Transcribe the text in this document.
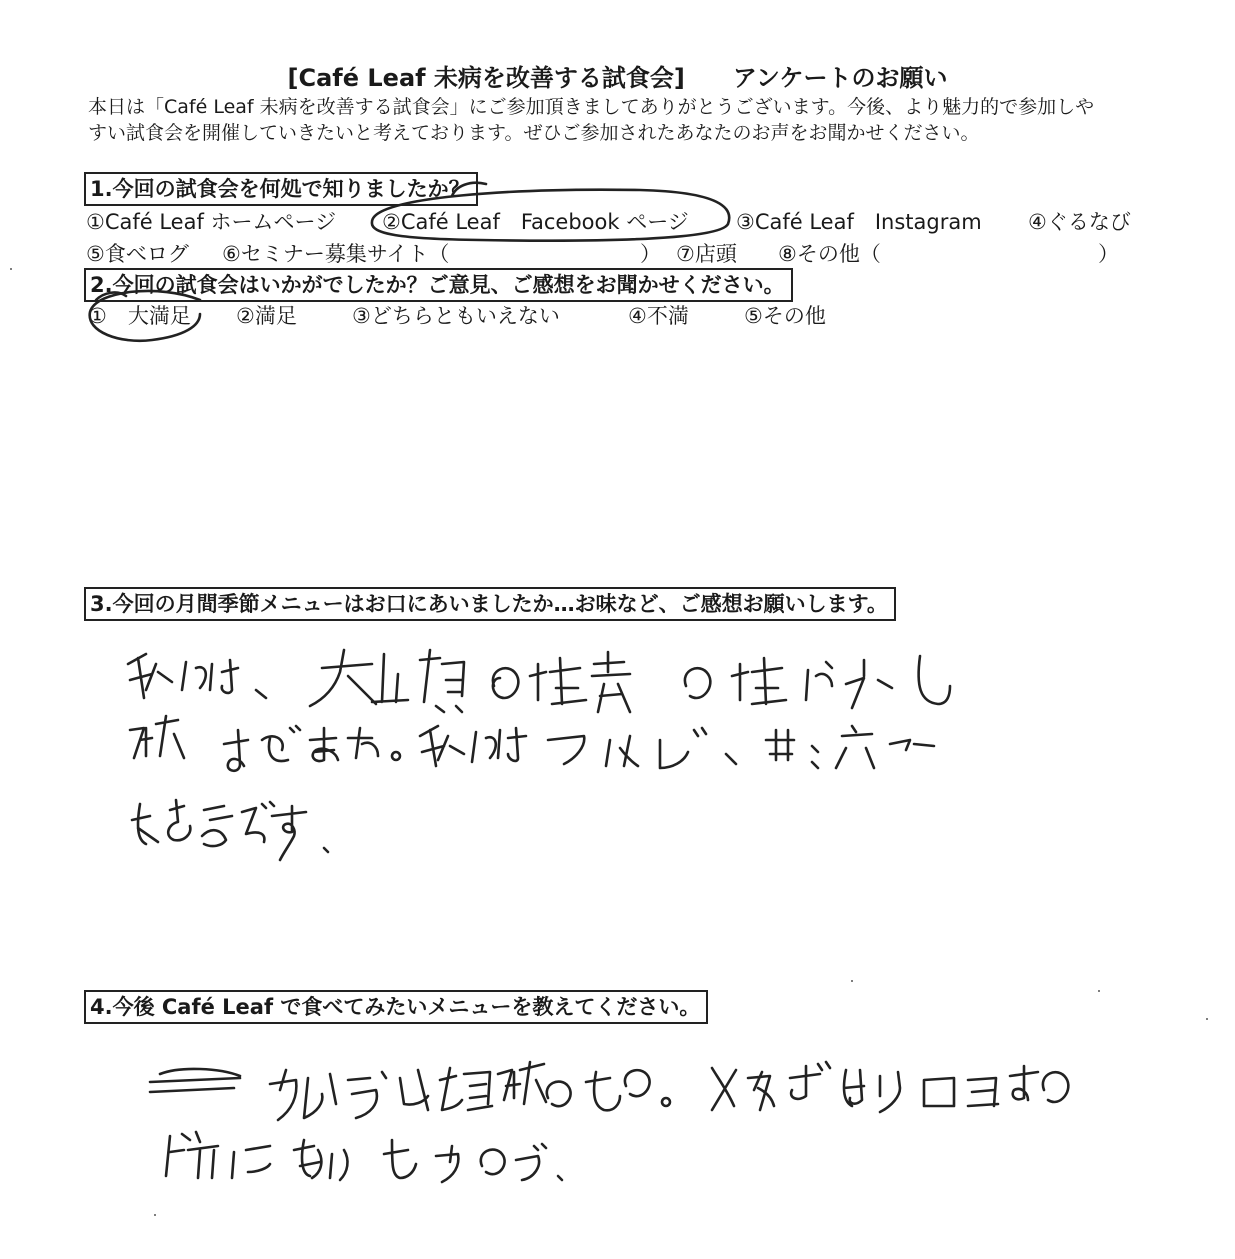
[Café Leaf 未病を改善する試食会]　　アンケートのお願い
本日は「Café Leaf 未病を改善する試食会」にご参加頂きましてありがとうございます。今後、より魅力的で参加しや
すい試食会を開催していきたいと考えております。ぜひご参加されたあなたのお声をお聞かせください。
1.今回の試食会を何処で知りましたか？
①Café Leaf ホームページ ②Café Leaf　Facebook ページ ③Café Leaf　Instagram ④ぐるなび
⑤食べログ ⑥セミナー募集サイト（	） ⑦店頭 ⑧その他（	）
2.今回の試食会はいかがでしたか？ご意見、ご感想をお聞かせください。
①　大満足 ②満足	③どちらともいえない	④不満	⑤その他
3.今回の月間季節メニューはお口にあいましたか…お味など、ご感想お願いします。
4.今後 Café Leaf で食べてみたいメニューを教えてください。
